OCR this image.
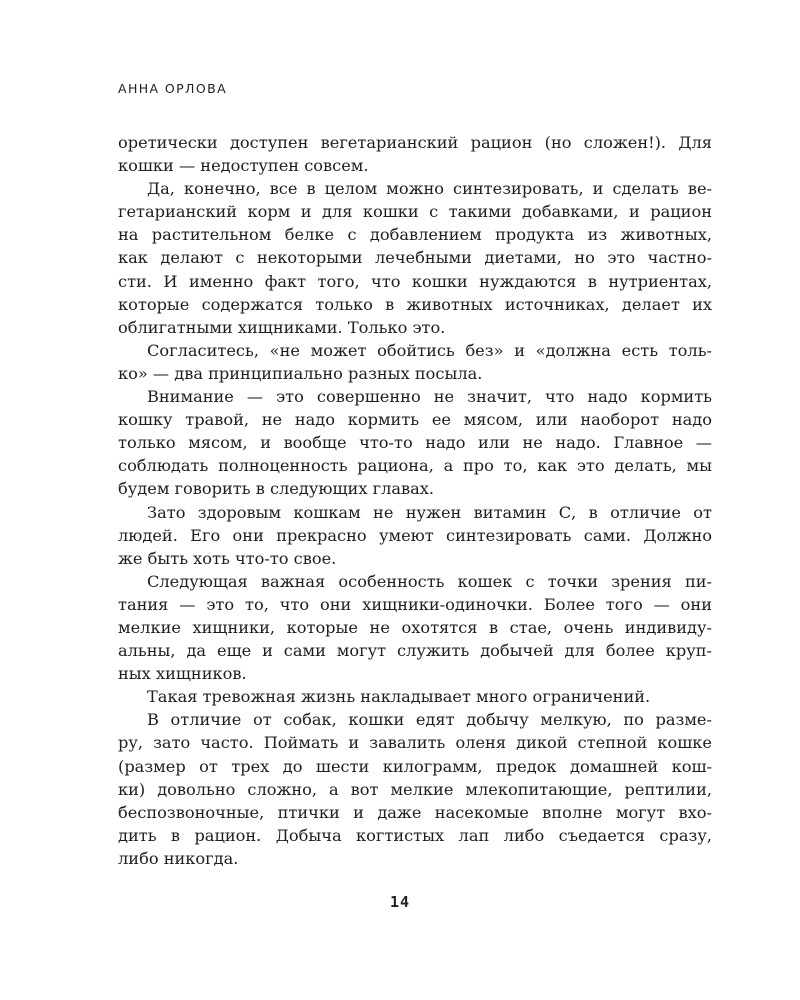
АННА ОРЛОВА
оретически доступен вегетарианский рацион (но сложен!). Для
кошки — недоступен совсем.
Да, конечно, все в целом можно синтезировать, и сделать ве-
гетарианский корм и для кошки с такими добавками, и рацион
на растительном белке с добавлением продукта из животных,
как делают с некоторыми лечебными диетами, но это частно-
сти. И именно факт того, что кошки нуждаются в нутриентах,
которые содержатся только в животных источниках, делает их
облигатными хищниками. Только это.
Согласитесь, «не может обойтись без» и «должна есть толь-
ко» — два принципиально разных посыла.
Внимание — это совершенно не значит, что надо кормить
кошку травой, не надо кормить ее мясом, или наоборот надо
только мясом, и вообще что-то надо или не надо. Главное —
соблюдать полноценность рациона, а про то, как это делать, мы
будем говорить в следующих главах.
Зато здоровым кошкам не нужен витамин С, в отличие от
людей. Его они прекрасно умеют синтезировать сами. Должно
же быть хоть что-то свое.
Следующая важная особенность кошек с точки зрения пи-
тания — это то, что они хищники-одиночки. Более того — они
мелкие хищники, которые не охотятся в стае, очень индивиду-
альны, да еще и сами могут служить добычей для более круп-
ных хищников.
Такая тревожная жизнь накладывает много ограничений.
В отличие от собак, кошки едят добычу мелкую, по разме-
ру, зато часто. Поймать и завалить оленя дикой степной кошке
(размер от трех до шести килограмм, предок домашней кош-
ки) довольно сложно, а вот мелкие млекопитающие, рептилии,
беспозвоночные, птички и даже насекомые вполне могут вхо-
дить в рацион. Добыча когтистых лап либо съедается сразу,
либо никогда.
14
